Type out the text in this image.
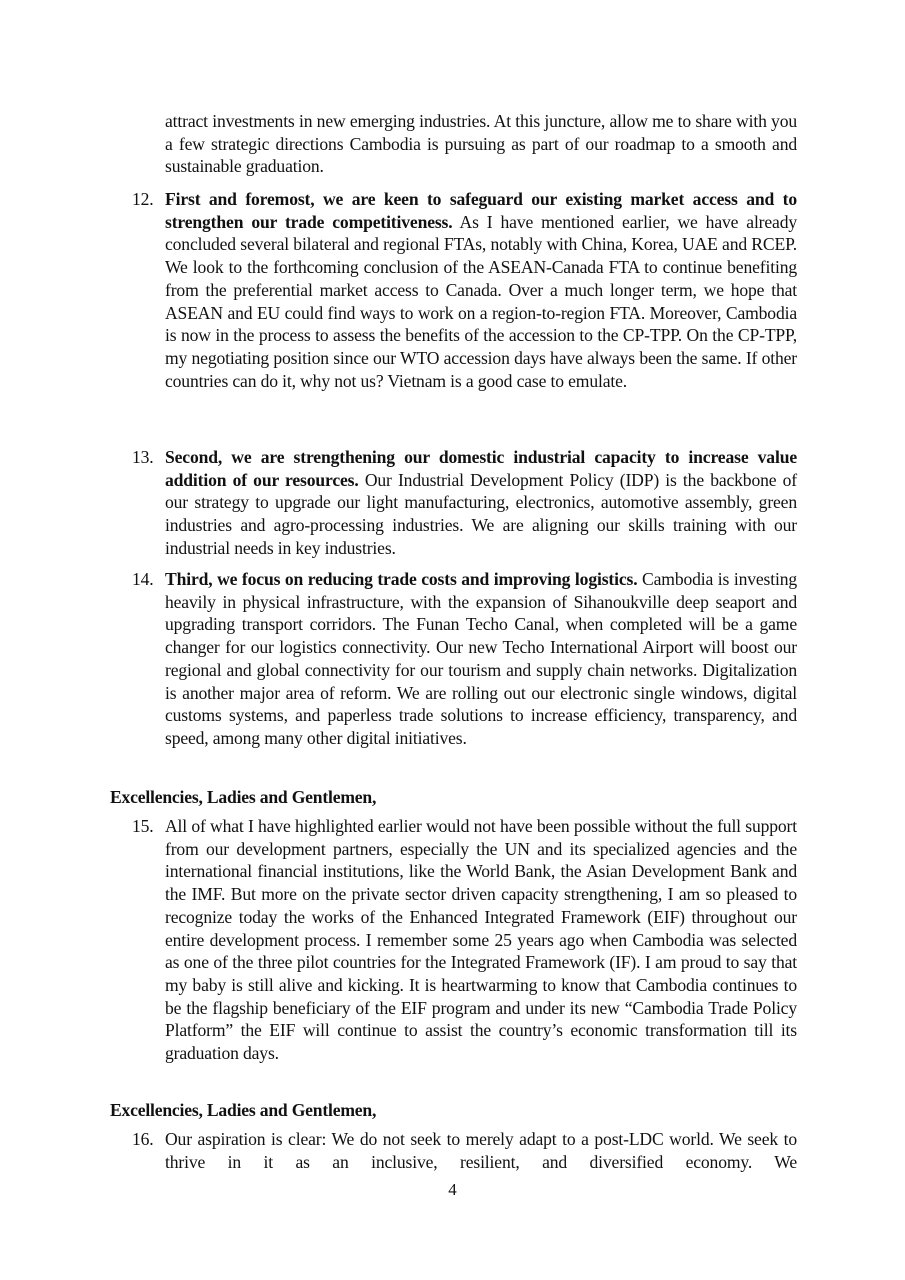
attract investments in new emerging industries. At this juncture, allow me to share with you a few strategic directions Cambodia is pursuing as part of our roadmap to a smooth and sustainable graduation.
12. First and foremost, we are keen to safeguard our existing market access and to strengthen our trade competitiveness. As I have mentioned earlier, we have already concluded several bilateral and regional FTAs, notably with China, Korea, UAE and RCEP. We look to the forthcoming conclusion of the ASEAN-Canada FTA to continue benefiting from the preferential market access to Canada. Over a much longer term, we hope that ASEAN and EU could find ways to work on a region-to-region FTA. Moreover, Cambodia is now in the process to assess the benefits of the accession to the CP-TPP. On the CP-TPP, my negotiating position since our WTO accession days have always been the same. If other countries can do it, why not us? Vietnam is a good case to emulate.
13. Second, we are strengthening our domestic industrial capacity to increase value addition of our resources. Our Industrial Development Policy (IDP) is the backbone of our strategy to upgrade our light manufacturing, electronics, automotive assembly, green industries and agro-processing industries. We are aligning our skills training with our industrial needs in key industries.
14. Third, we focus on reducing trade costs and improving logistics. Cambodia is investing heavily in physical infrastructure, with the expansion of Sihanoukville deep seaport and upgrading transport corridors. The Funan Techo Canal, when completed will be a game changer for our logistics connectivity. Our new Techo International Airport will boost our regional and global connectivity for our tourism and supply chain networks. Digitalization is another major area of reform. We are rolling out our electronic single windows, digital customs systems, and paperless trade solutions to increase efficiency, transparency, and speed, among many other digital initiatives.
Excellencies, Ladies and Gentlemen,
15. All of what I have highlighted earlier would not have been possible without the full support from our development partners, especially the UN and its specialized agencies and the international financial institutions, like the World Bank, the Asian Development Bank and the IMF. But more on the private sector driven capacity strengthening, I am so pleased to recognize today the works of the Enhanced Integrated Framework (EIF) throughout our entire development process. I remember some 25 years ago when Cambodia was selected as one of the three pilot countries for the Integrated Framework (IF). I am proud to say that my baby is still alive and kicking. It is heartwarming to know that Cambodia continues to be the flagship beneficiary of the EIF program and under its new “Cambodia Trade Policy Platform” the EIF will continue to assist the country’s economic transformation till its graduation days.
Excellencies, Ladies and Gentlemen,
16. Our aspiration is clear: We do not seek to merely adapt to a post-LDC world. We seek to thrive in it as an inclusive, resilient, and diversified economy. We
4
